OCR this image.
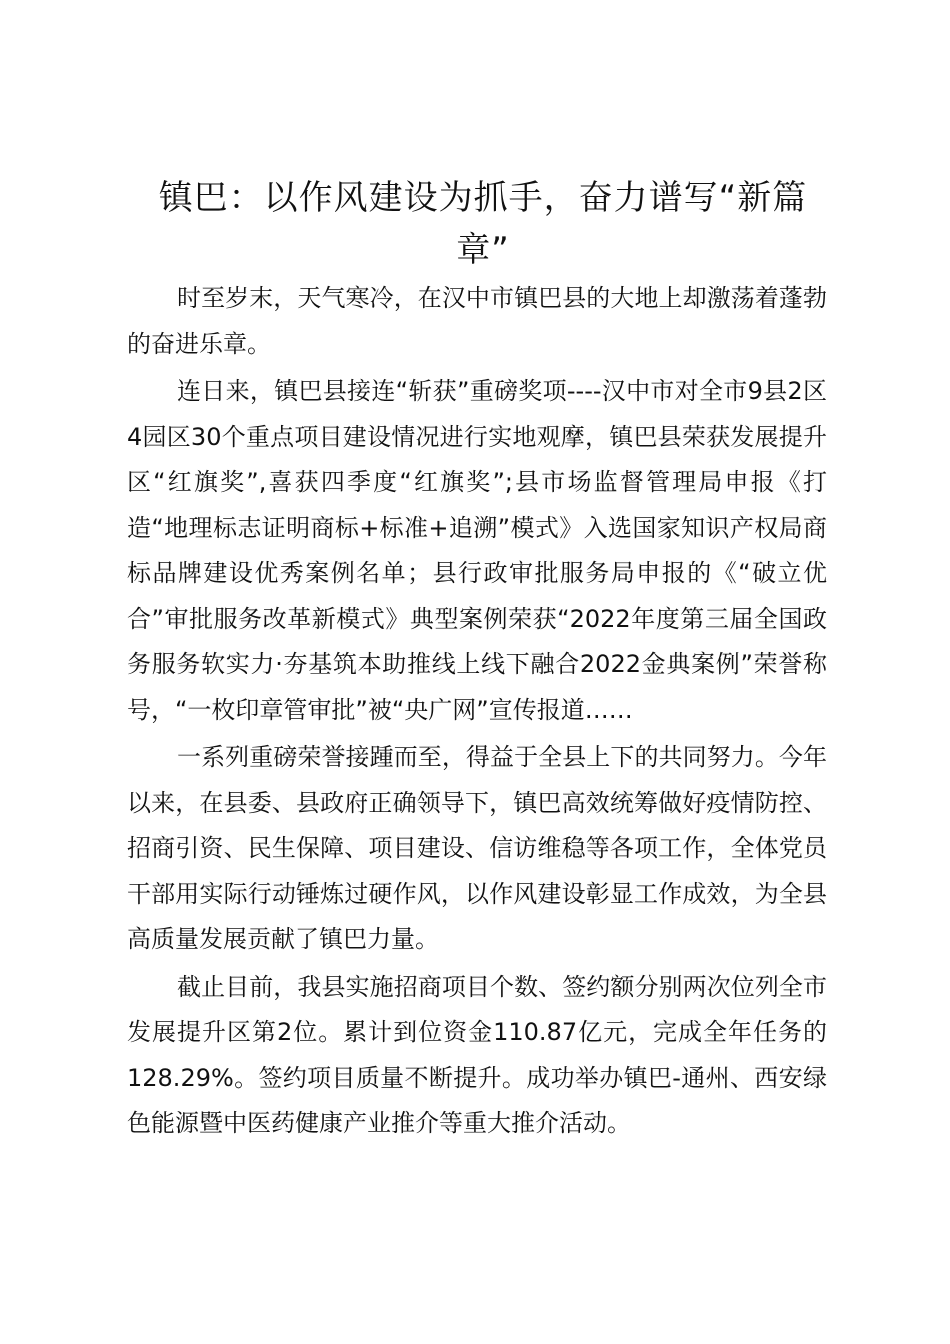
镇巴：以作风建设为抓手，奋力谱写“新篇章”

时至岁末，天气寒冷，在汉中市镇巴县的大地上却激荡着蓬勃的奋进乐章。

连日来，镇巴县接连“斩获”重磅奖项----汉中市对全市9县2区4园区30个重点项目建设情况进行实地观摩，镇巴县荣获发展提升区“红旗奖”,喜获四季度“红旗奖”;县市场监督管理局申报《打造“地理标志证明商标+标准+追溯”模式》入选国家知识产权局商标品牌建设优秀案例名单；县行政审批服务局申报的《“破立优合”审批服务改革新模式》典型案例荣获“2022年度第三届全国政务服务软实力·夯基筑本助推线上线下融合2022金典案例”荣誉称号，“一枚印章管审批”被“央广网”宣传报道……

一系列重磅荣誉接踵而至，得益于全县上下的共同努力。今年以来，在县委、县政府正确领导下，镇巴高效统筹做好疫情防控、招商引资、民生保障、项目建设、信访维稳等各项工作，全体党员干部用实际行动锤炼过硬作风，以作风建设彰显工作成效，为全县高质量发展贡献了镇巴力量。

截止目前，我县实施招商项目个数、签约额分别两次位列全市发展提升区第2位。累计到位资金110.87亿元，完成全年任务的128.29%。签约项目质量不断提升。成功举办镇巴-通州、西安绿色能源暨中医药健康产业推介等重大推介活动。
